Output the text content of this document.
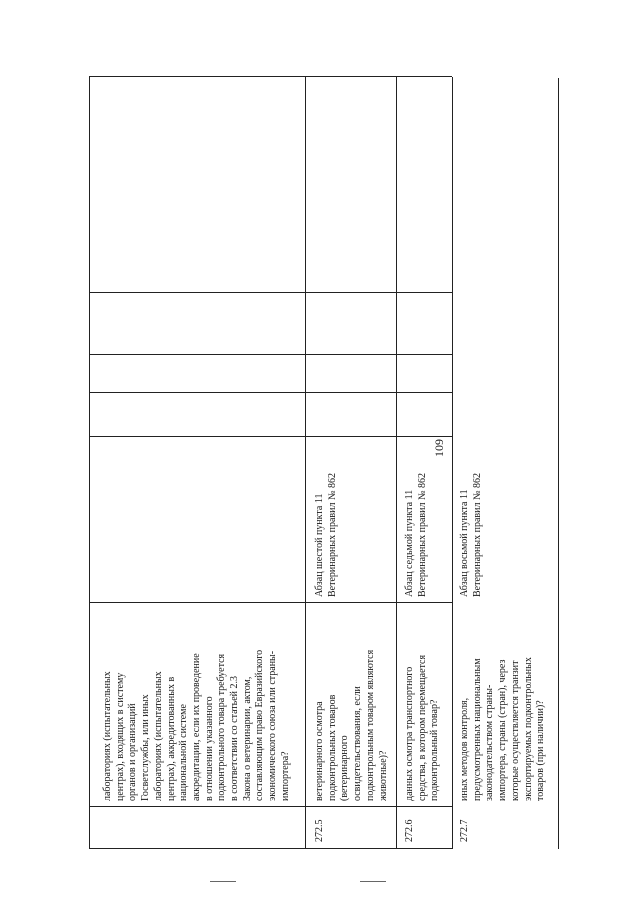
109
лабораториях (испытательных центрах), входящих в систему органов и организаций Госветслужбы, или иных лабораториях (испытательных центрах), аккредитованных в национальной системе аккредитации, если их проведение в отношении указанного подконтрольного товара требуется в соответствии со статьей 2.3 Закона о ветеринарии, актом, составляющим право Евразийского экономического союза или страны- импортера?
272.5
ветеринарного осмотра подконтрольных товаров (ветеринарного освидетельствования, если подконтрольным товаром являются животные)?
Абзац шестой пункта 11 Ветеринарных правил № 862
272.6
данных осмотра транспортного средства, в котором перемещается подконтрольный товар?
Абзац седьмой пункта 11 Ветеринарных правил № 862
272.7
иных методов контроля, предусмотренных национальным законодательством страны- импортера, страны (стран), через которые осуществляется транзит экспортируемых подконтрольных товаров (при наличии)?
Абзац восьмой пункта 11 Ветеринарных правил № 862
